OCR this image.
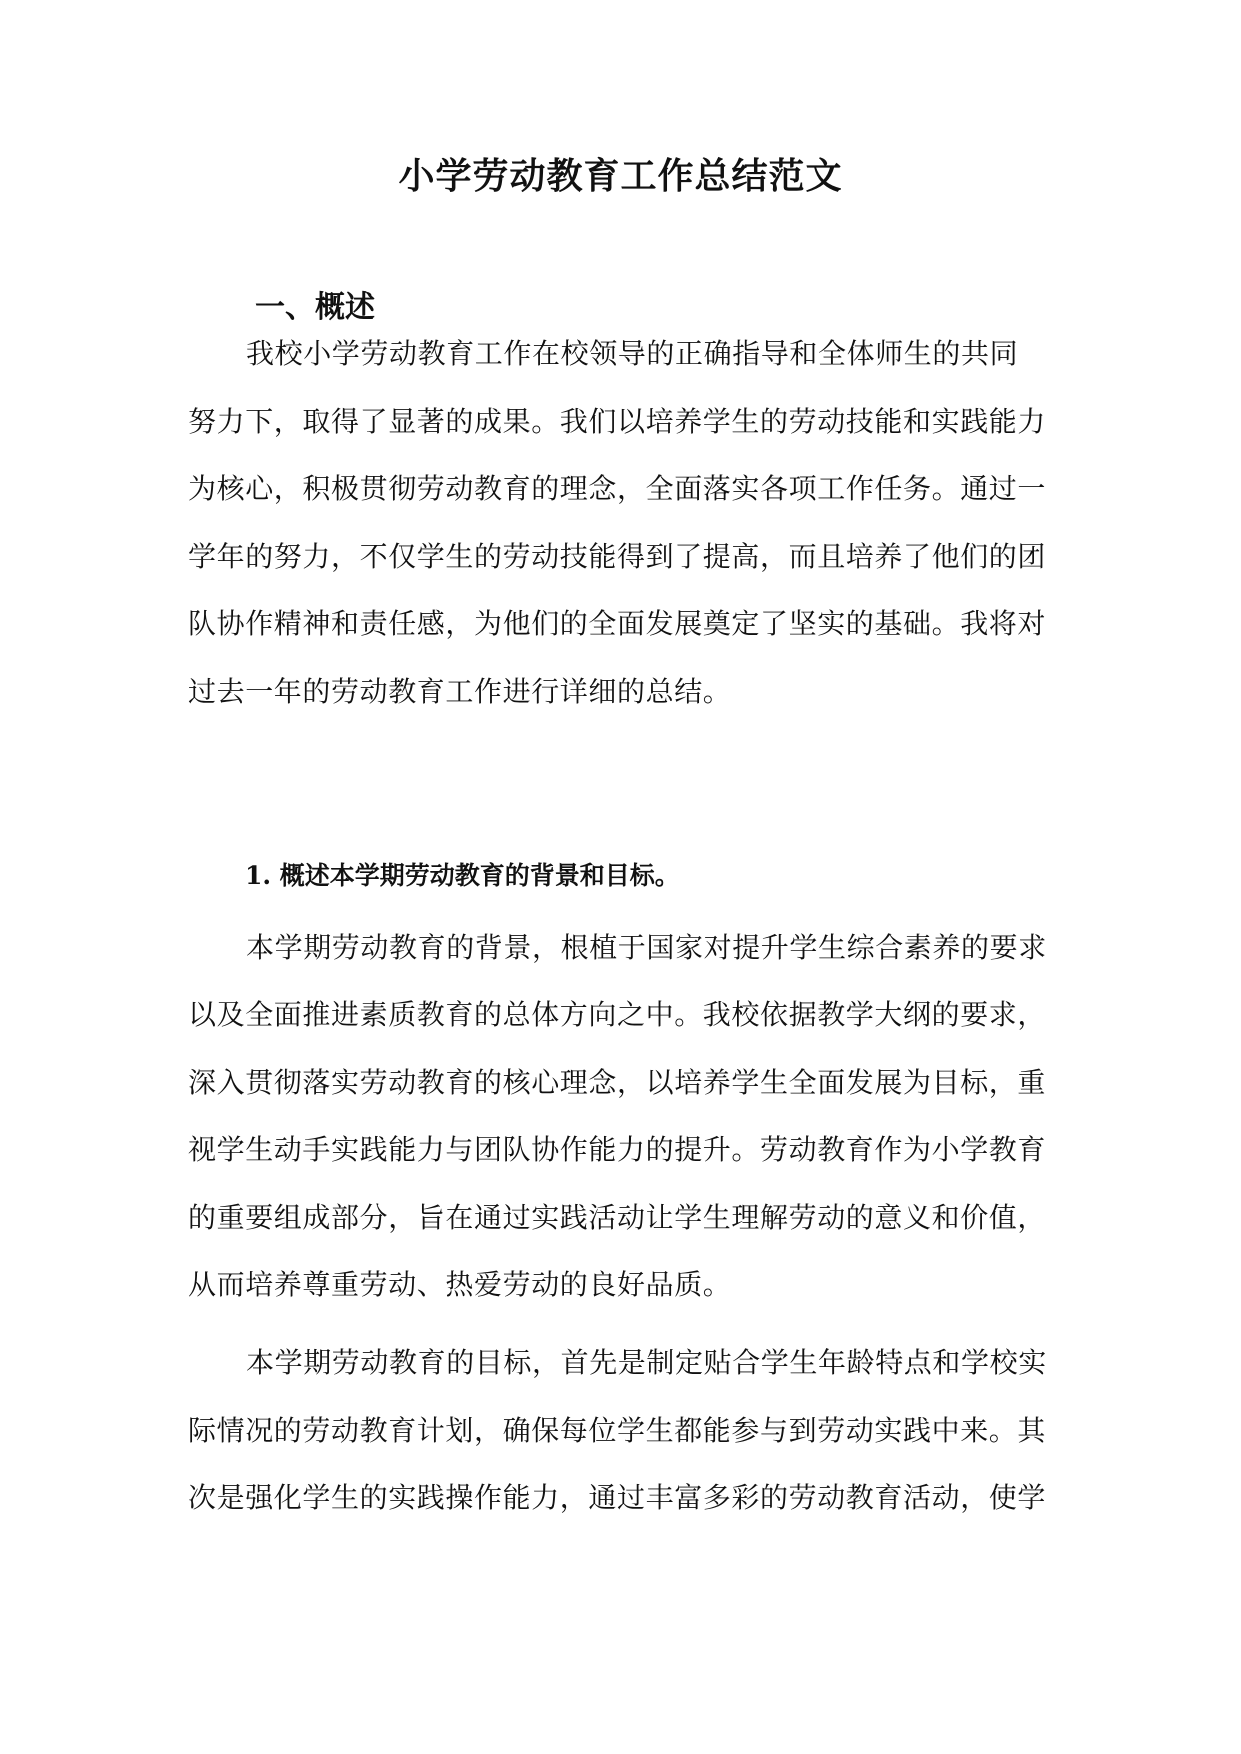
小学劳动教育工作总结范文
一、概述

我校小学劳动教育工作在校领导的正确指导和全体师生的共同

努力下，取得了显著的成果。我们以培养学生的劳动技能和实践能力

为核心，积极贯彻劳动教育的理念，全面落实各项工作任务。通过一

学年的努力，不仅学生的劳动技能得到了提高，而且培养了他们的团

队协作精神和责任感，为他们的全面发展奠定了坚实的基础。我将对

过去一年的劳动教育工作进行详细的总结。

1. 概述本学期劳动教育的背景和目标。

本学期劳动教育的背景，根植于国家对提升学生综合素养的要求

以及全面推进素质教育的总体方向之中。我校依据教学大纲的要求，

深入贯彻落实劳动教育的核心理念，以培养学生全面发展为目标，重

视学生动手实践能力与团队协作能力的提升。劳动教育作为小学教育

的重要组成部分，旨在通过实践活动让学生理解劳动的意义和价值，

从而培养尊重劳动、热爱劳动的良好品质。

本学期劳动教育的目标，首先是制定贴合学生年龄特点和学校实

际情况的劳动教育计划，确保每位学生都能参与到劳动实践中来。其

次是强化学生的实践操作能力，通过丰富多彩的劳动教育活动，使学
